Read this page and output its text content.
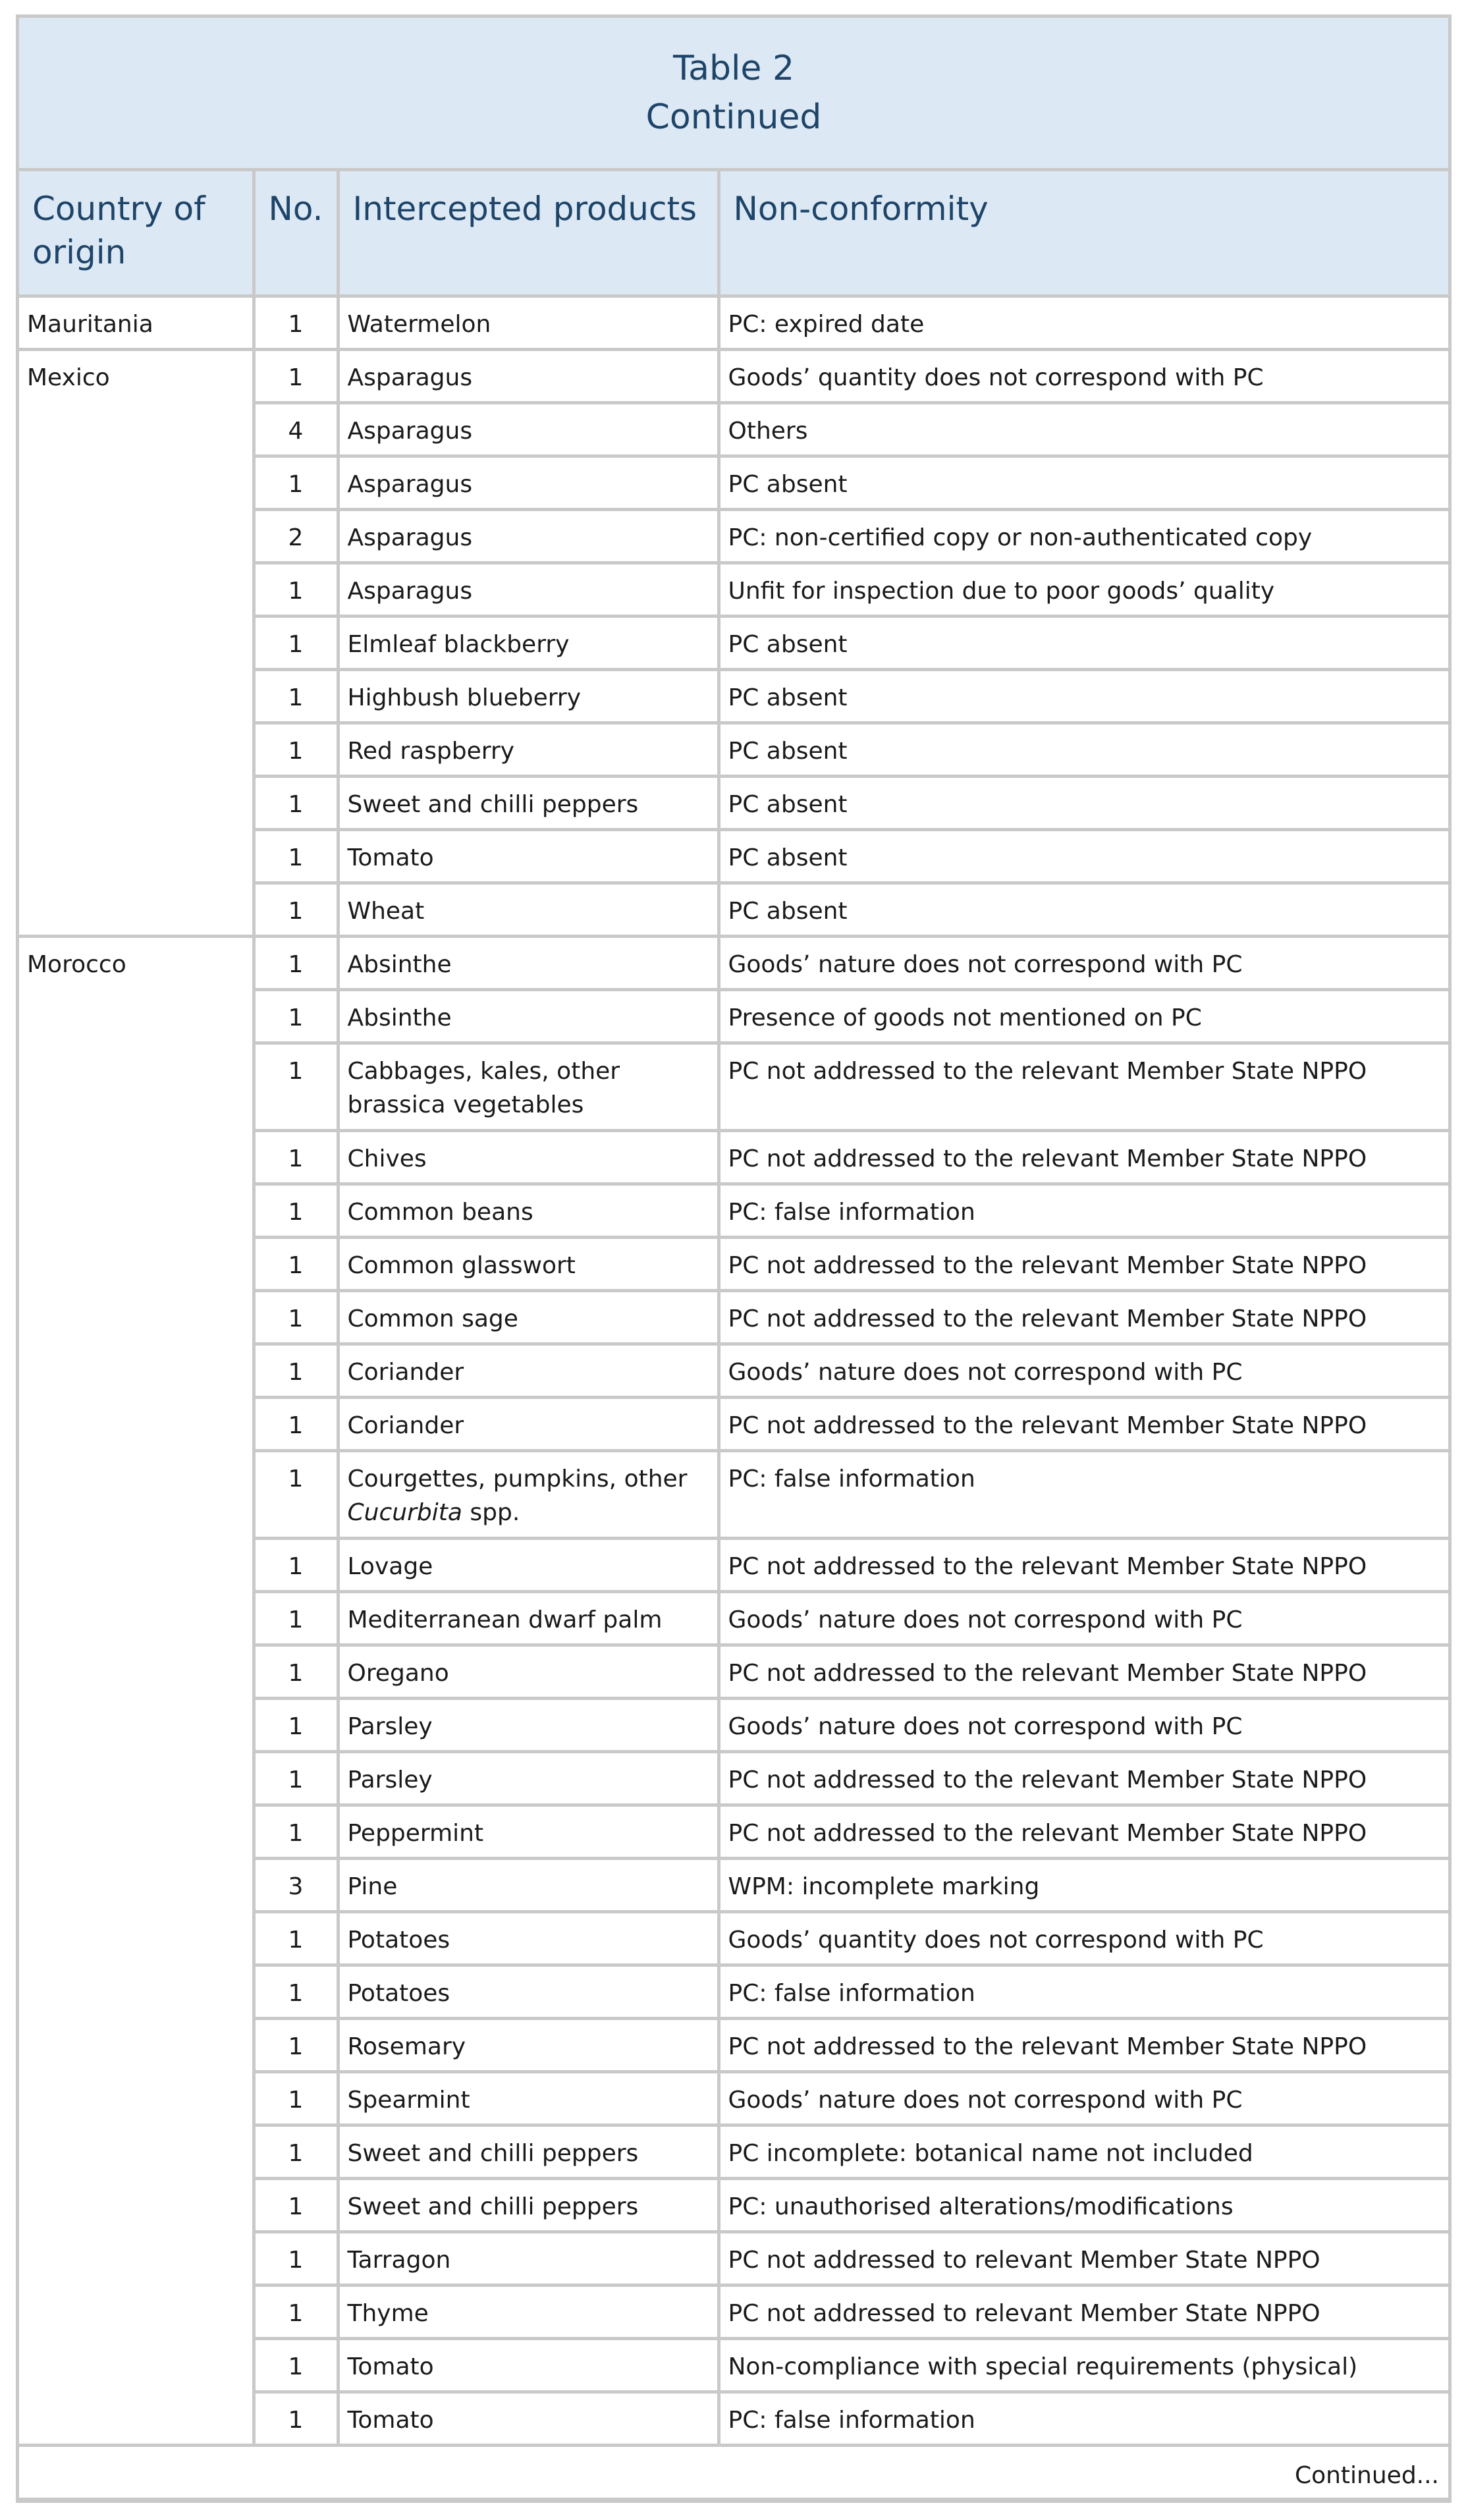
Table 2
Continued
Country of origin	No.	Intercepted products	Non-conformity
Mauritania	1	Watermelon	PC: expired date
Mexico	1	Asparagus	Goods’ quantity does not correspond with PC
	4	Asparagus	Others
	1	Asparagus	PC absent
	2	Asparagus	PC: non-certified copy or non-authenticated copy
	1	Asparagus	Unfit for inspection due to poor goods’ quality
	1	Elmleaf blackberry	PC absent
	1	Highbush blueberry	PC absent
	1	Red raspberry	PC absent
	1	Sweet and chilli peppers	PC absent
	1	Tomato	PC absent
	1	Wheat	PC absent
Morocco	1	Absinthe	Goods’ nature does not correspond with PC
	1	Absinthe	Presence of goods not mentioned on PC
	1	Cabbages, kales, other brassica vegetables	PC not addressed to the relevant Member State NPPO
	1	Chives	PC not addressed to the relevant Member State NPPO
	1	Common beans	PC: false information
	1	Common glasswort	PC not addressed to the relevant Member State NPPO
	1	Common sage	PC not addressed to the relevant Member State NPPO
	1	Coriander	Goods’ nature does not correspond with PC
	1	Coriander	PC not addressed to the relevant Member State NPPO
	1	Courgettes, pumpkins, other Cucurbita spp.	PC: false information
	1	Lovage	PC not addressed to the relevant Member State NPPO
	1	Mediterranean dwarf palm	Goods’ nature does not correspond with PC
	1	Oregano	PC not addressed to the relevant Member State NPPO
	1	Parsley	Goods’ nature does not correspond with PC
	1	Parsley	PC not addressed to the relevant Member State NPPO
	1	Peppermint	PC not addressed to the relevant Member State NPPO
	3	Pine	WPM: incomplete marking
	1	Potatoes	Goods’ quantity does not correspond with PC
	1	Potatoes	PC: false information
	1	Rosemary	PC not addressed to the relevant Member State NPPO
	1	Spearmint	Goods’ nature does not correspond with PC
	1	Sweet and chilli peppers	PC incomplete: botanical name not included
	1	Sweet and chilli peppers	PC: unauthorised alterations/modifications
	1	Tarragon	PC not addressed to relevant Member State NPPO
	1	Thyme	PC not addressed to relevant Member State NPPO
	1	Tomato	Non-compliance with special requirements (physical)
	1	Tomato	PC: false information
Continued...			
